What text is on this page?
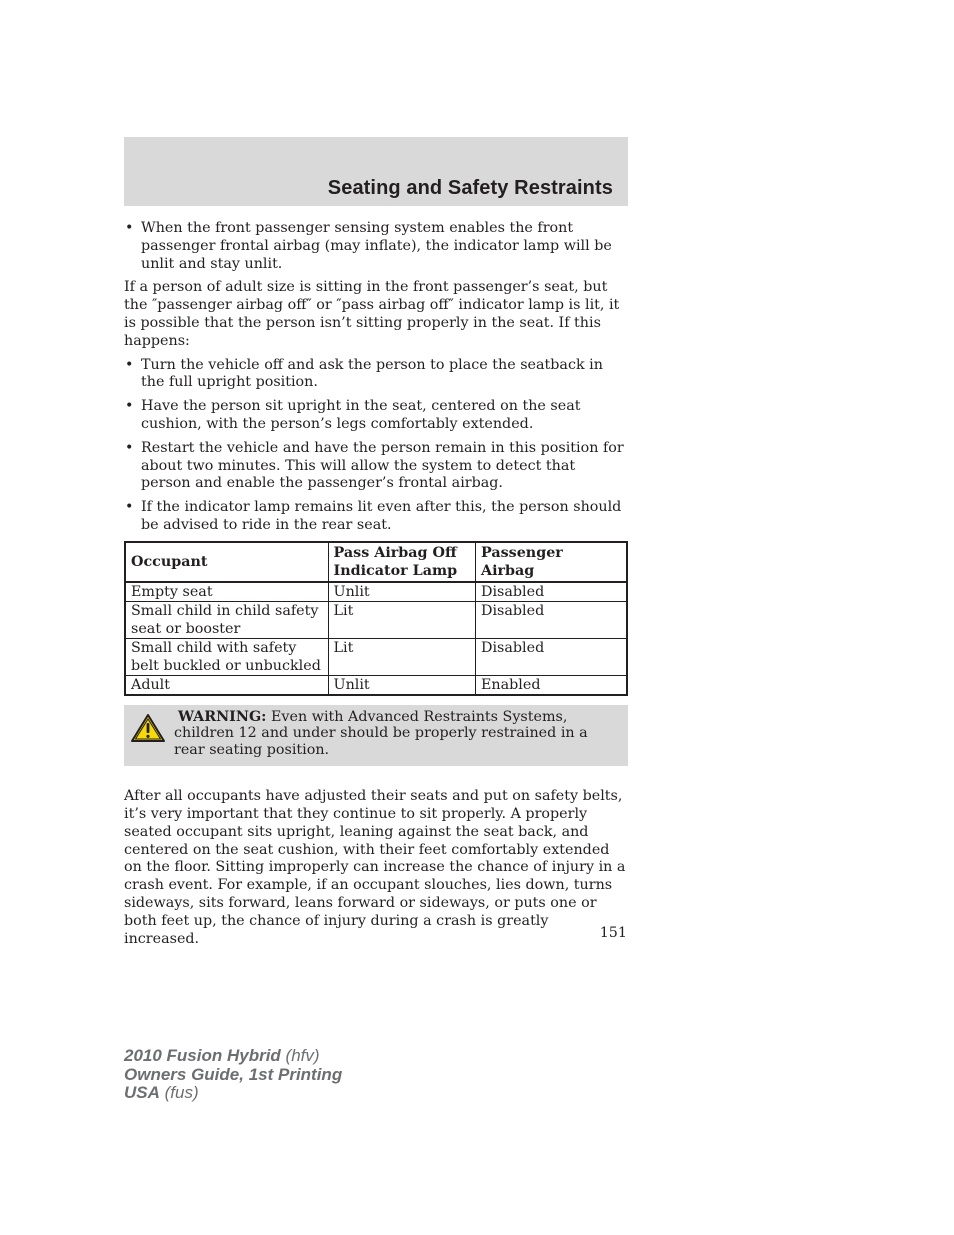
Seating and Safety Restraints
• When the front passenger sensing system enables the front passenger frontal airbag (may inflate), the indicator lamp will be unlit and stay unlit.

If a person of adult size is sitting in the front passenger’s seat, but the ″passenger airbag off″ or ″pass airbag off″ indicator lamp is lit, it is possible that the person isn’t sitting properly in the seat. If this happens:

• Turn the vehicle off and ask the person to place the seatback in the full upright position.
• Have the person sit upright in the seat, centered on the seat cushion, with the person’s legs comfortably extended.
• Restart the vehicle and have the person remain in this position for about two minutes. This will allow the system to detect that person and enable the passenger’s frontal airbag.
• If the indicator lamp remains lit even after this, the person should be advised to ride in the rear seat.
Occupant	Pass Airbag Off Indicator Lamp	Passenger Airbag
Empty seat	Unlit	Disabled
Small child in child safety seat or booster	Lit	Disabled
Small child with safety belt buckled or unbuckled	Lit	Disabled
Adult	Unlit	Enabled
WARNING: Even with Advanced Restraints Systems, children 12 and under should be properly restrained in a rear seating position.

After all occupants have adjusted their seats and put on safety belts, it’s very important that they continue to sit properly. A properly seated occupant sits upright, leaning against the seat back, and centered on the seat cushion, with their feet comfortably extended on the floor. Sitting improperly can increase the chance of injury in a crash event. For example, if an occupant slouches, lies down, turns sideways, sits forward, leans forward or sideways, or puts one or both feet up, the chance of injury during a crash is greatly increased.	151
2010 Fusion Hybrid (hfv)
Owners Guide, 1st Printing
USA (fus)
